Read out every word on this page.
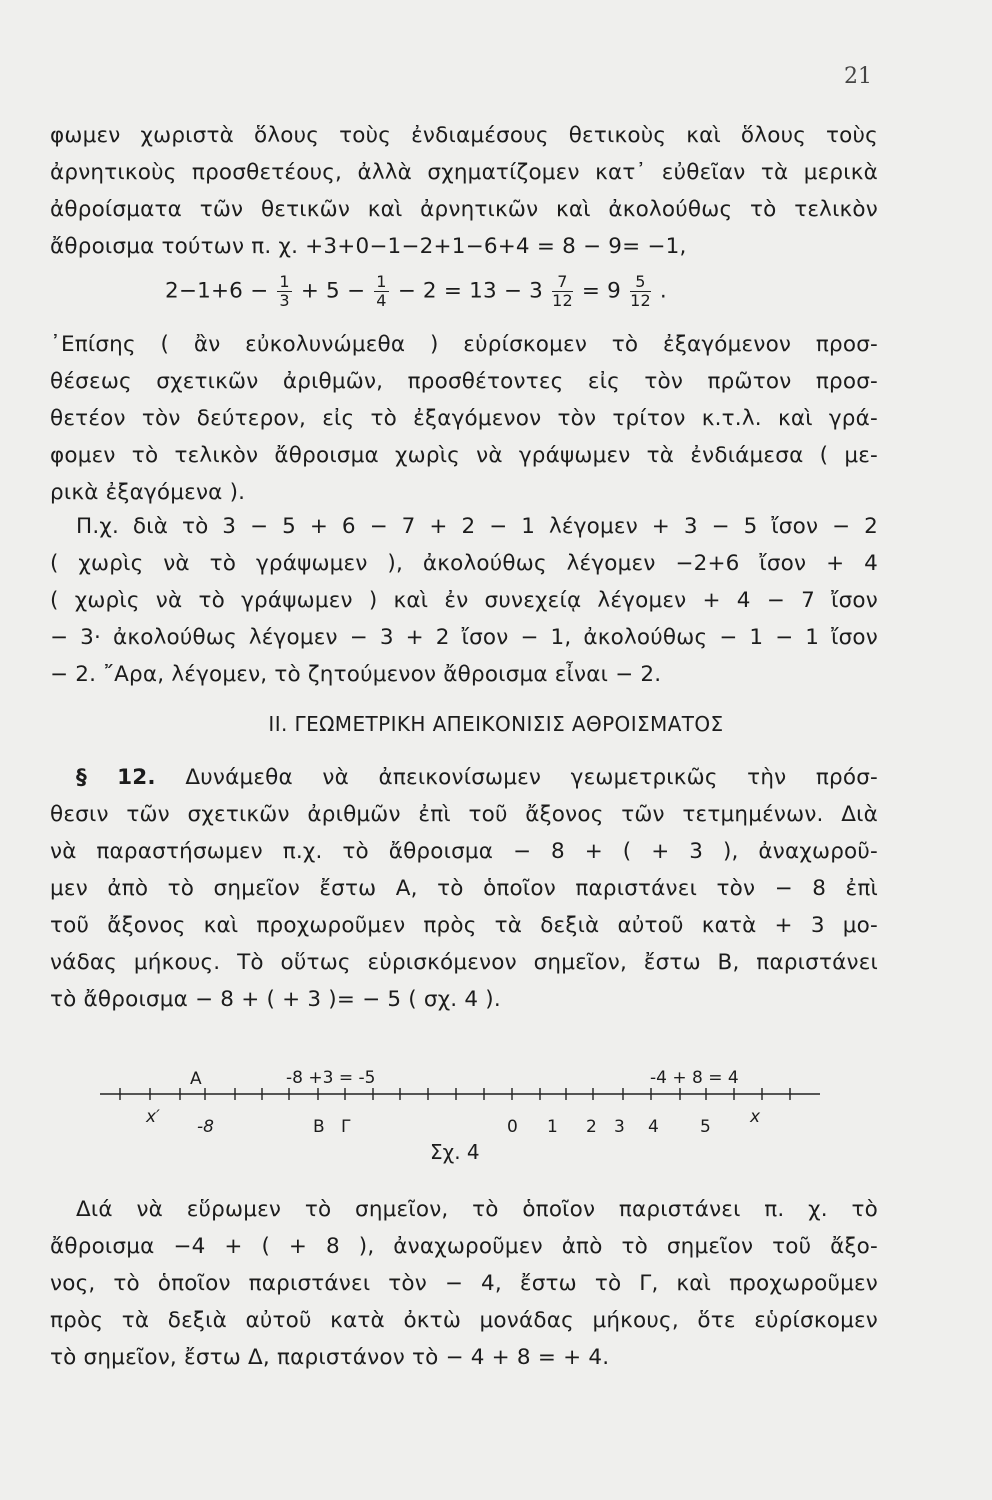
21
φωμεν χωριστὰ ὅλους τοὺς ἐνδιαμέσους θετικοὺς καὶ ὅλους τοὺς
ἀρνητικοὺς προσθετέους, ἀλλὰ σχηματίζομεν κατ᾽ εὐθεῖαν τὰ μερικὰ
ἀθροίσματα τῶν θετικῶν καὶ ἀρνητικῶν καὶ ἀκολούθως τὸ τελικὸν
ἄθροισμα τούτων π. χ. +3+0−1−2+1−6+4 = 8 − 9= −1,
$2-1+6 - \frac{1}{3} + 5 - \frac{1}{4} - 2 = 13 - 3 \frac{7}{12} = 9 \frac{5}{12}$ .
᾽Επίσης ( ἂν εὐκολυνώμεθα ) εὑρίσκομεν τὸ ἐξαγόμενον προσ-
θέσεως σχετικῶν ἀριθμῶν, προσθέτοντες εἰς τὸν πρῶτον προσ-
θετέον τὸν δεύτερον, εἰς τὸ ἐξαγόμενον τὸν τρίτον κ.τ.λ. καὶ γρά-
φομεν τὸ τελικὸν ἄθροισμα χωρὶς νὰ γράψωμεν τὰ ἐνδιάμεσα ( με-
ρικὰ ἐξαγόμενα ).
Π.χ. διὰ τὸ 3 − 5 + 6 − 7 + 2 − 1 λέγομεν + 3 − 5 ἴσον − 2
( χωρὶς νὰ τὸ γράψωμεν ), ἀκολούθως λέγομεν −2+6 ἴσον + 4
( χωρὶς νὰ τὸ γράψωμεν ) καὶ ἐν συνεχείᾳ λέγομεν + 4 − 7 ἴσον
− 3· ἀκολούθως λέγομεν − 3 + 2 ἴσον − 1, ἀκολούθως − 1 − 1 ἴσον
− 2. ῎Αρα, λέγομεν, τὸ ζητούμενον ἄθροισμα εἶναι − 2.
ΙΙ. ΓΕΩΜΕΤΡΙΚΗ ΑΠΕΙΚΟΝΙΣΙΣ ΑΘΡΟΙΣΜΑΤΟΣ
§ 12. Δυνάμεθα νὰ ἀπεικονίσωμεν γεωμετρικῶς τὴν πρόσ-
θεσιν τῶν σχετικῶν ἀριθμῶν ἐπὶ τοῦ ἄξονος τῶν τετμημένων. Διὰ
νὰ παραστήσωμεν π.χ. τὸ ἄθροισμα − 8 + ( + 3 ), ἀναχωροῦ-
μεν ἀπὸ τὸ σημεῖον ἔστω Α, τὸ ὁποῖον παριστάνει τὸν − 8 ἐπὶ
τοῦ ἄξονος καὶ προχωροῦμεν πρὸς τὰ δεξιὰ αὐτοῦ κατὰ + 3 μο-
νάδας μήκους. Τὸ οὕτως εὑρισκόμενον σημεῖον, ἔστω Β, παριστάνει
τὸ ἄθροισμα − 8 + ( + 3 )= − 5 ( σχ. 4 ).
A	-8 +3 = -5	-4 + 8 = 4
x′ -8	B Γ	0 1 2 3 4 5 x
Σχ. 4
Διά νὰ εὕρωμεν τὸ σημεῖον, τὸ ὁποῖον παριστάνει π. χ. τὸ
ἄθροισμα −4 + ( + 8 ), ἀναχωροῦμεν ἀπὸ τὸ σημεῖον τοῦ ἄξο-
νος, τὸ ὁποῖον παριστάνει τὸν − 4, ἔστω τὸ Γ, καὶ προχωροῦμεν
πρὸς τὰ δεξιὰ αὐτοῦ κατὰ ὀκτὼ μονάδας μήκους, ὅτε εὑρίσκομεν
τὸ σημεῖον, ἔστω Δ, παριστάνον τὸ − 4 + 8 = + 4.
